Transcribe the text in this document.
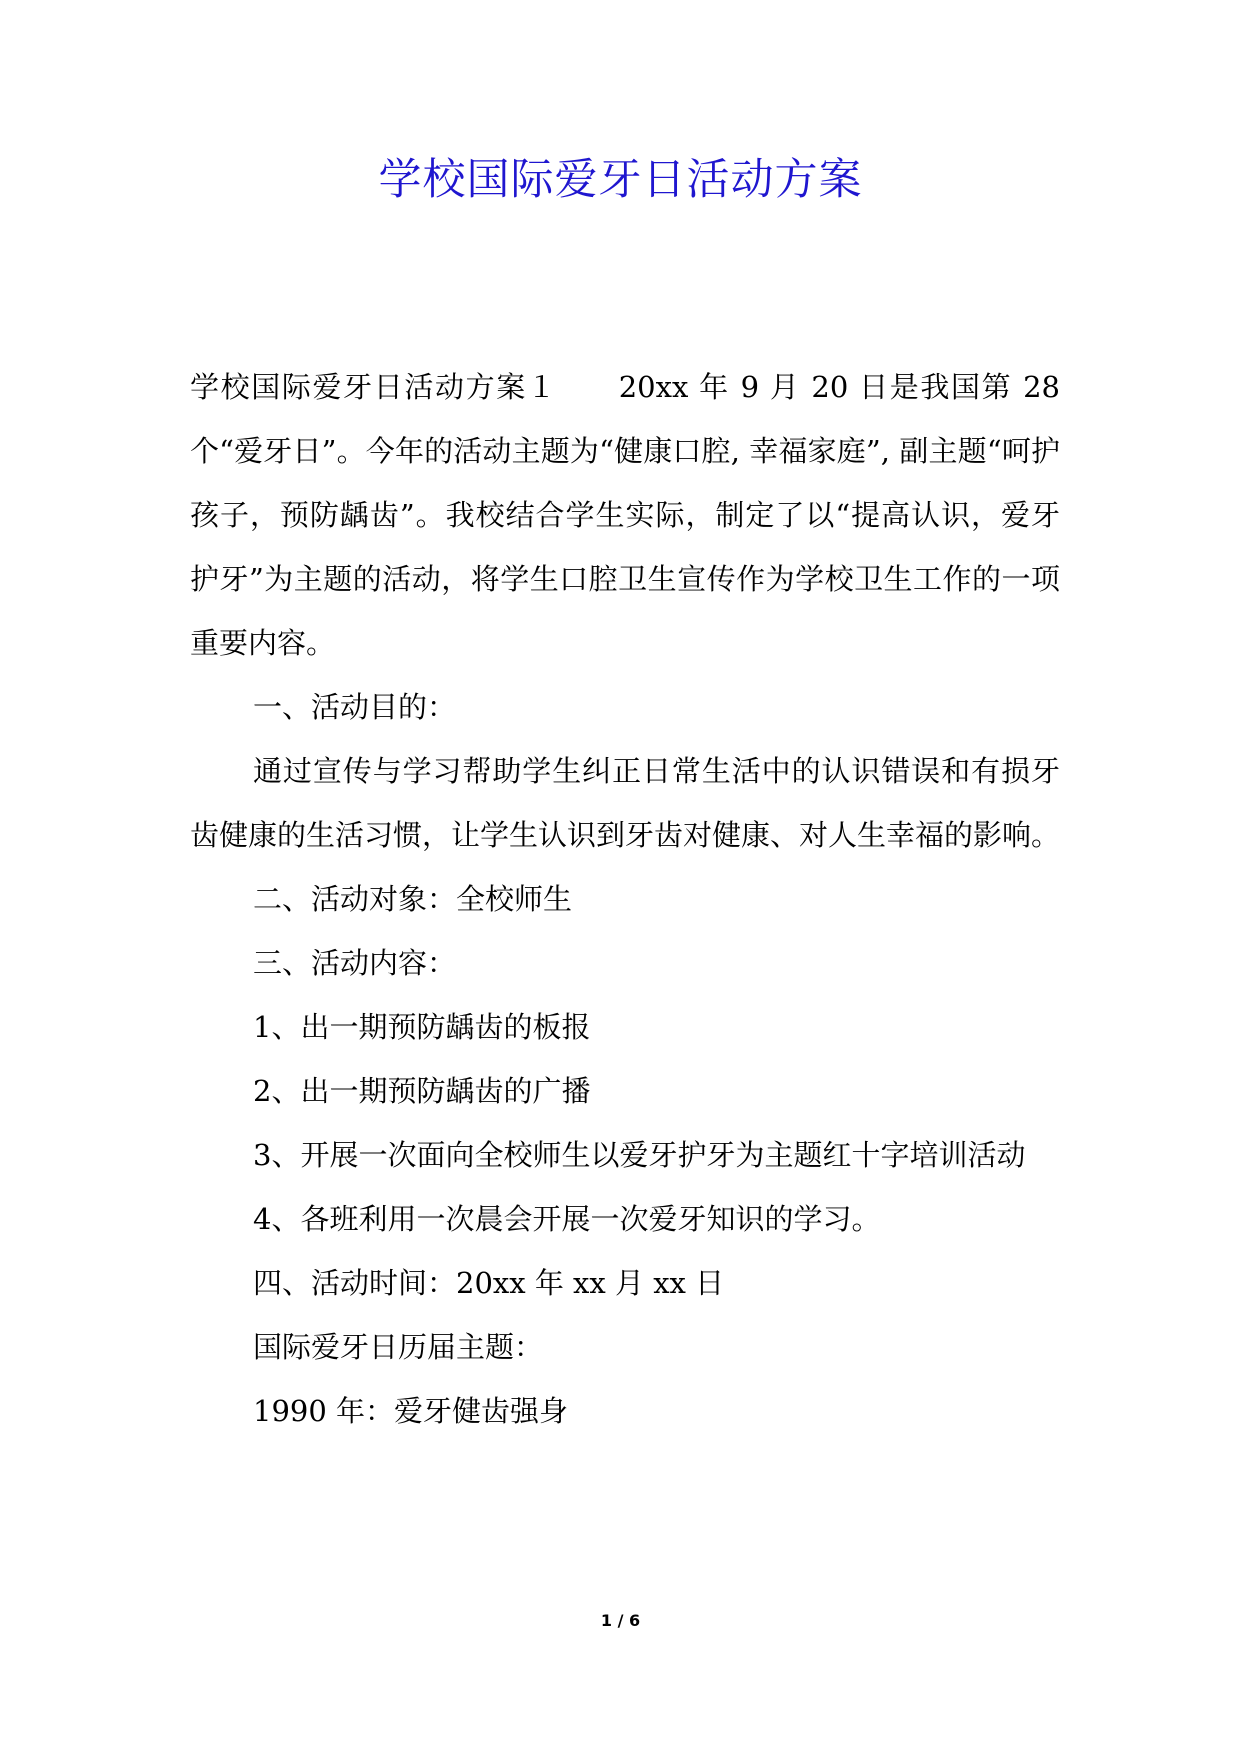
学校国际爱牙日活动方案

学校国际爱牙日活动方案１　　20xx 年 9 月 20 日是我国第 28 个“爱牙日”。今年的活动主题为“健康口腔, 幸福家庭”, 副主题“呵护孩子，预防龋齿”。我校结合学生实际，制定了以“提高认识，爱牙护牙”为主题的活动，将学生口腔卫生宣传作为学校卫生工作的一项重要内容。

一、活动目的：

通过宣传与学习帮助学生纠正日常生活中的认识错误和有损牙齿健康的生活习惯，让学生认识到牙齿对健康、对人生幸福的影响。

二、活动对象：全校师生

三、活动内容：

1、出一期预防龋齿的板报

2、出一期预防龋齿的广播

3、开展一次面向全校师生以爱牙护牙为主题红十字培训活动

4、各班利用一次晨会开展一次爱牙知识的学习。

四、活动时间：20xx 年 xx 月 xx 日

国际爱牙日历届主题：

1990 年：爱牙健齿强身

1 / 6
